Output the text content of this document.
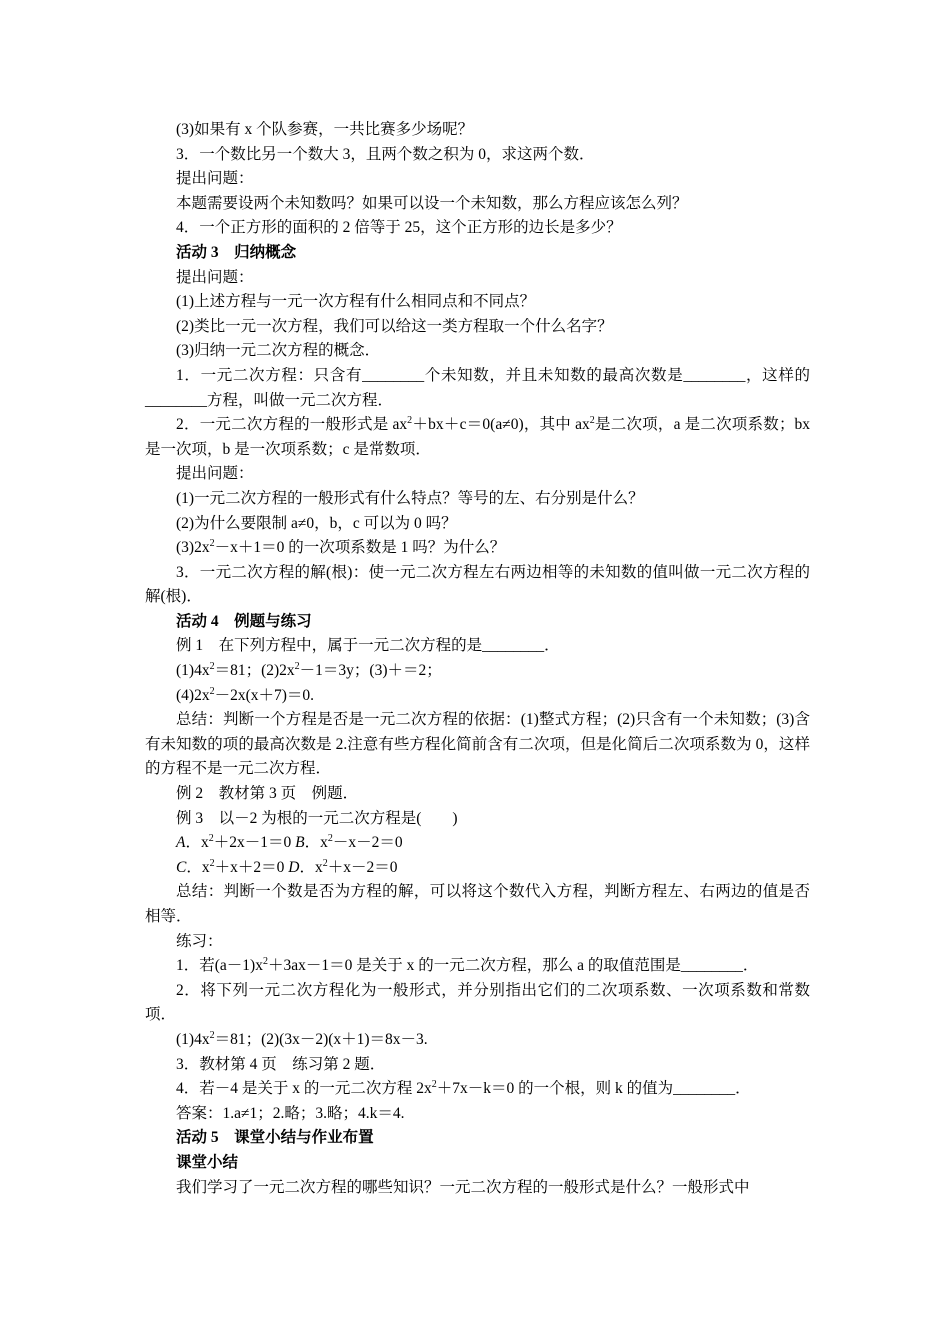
(3)如果有 x 个队参赛，一共比赛多少场呢？
3．一个数比另一个数大 3，且两个数之积为 0，求这两个数．
提出问题：
本题需要设两个未知数吗？如果可以设一个未知数，那么方程应该怎么列？
4．一个正方形的面积的 2 倍等于 25，这个正方形的边长是多少？
活动 3　归纳概念
提出问题：
(1)上述方程与一元一次方程有什么相同点和不同点？
(2)类比一元一次方程，我们可以给这一类方程取一个什么名字？
(3)归纳一元二次方程的概念．
1．一元二次方程：只含有________个未知数，并且未知数的最高次数是________，这样的________方程，叫做一元二次方程．
2．一元二次方程的一般形式是 $ax^2+bx+c=0(a\ne 0)$，其中 $ax^2$是二次项，a 是二次项系数；bx 是一次项，b 是一次项系数；c 是常数项．
提出问题：
(1)一元二次方程的一般形式有什么特点？等号的左、右分别是什么？
(2)为什么要限制 a≠0，b，c 可以为 0 吗？
$(3)2x^2-x+1=0$ 的一次项系数是 1 吗？为什么？
3．一元二次方程的解(根)：使一元二次方程左右两边相等的未知数的值叫做一元二次方程的解(根)．
活动 4　例题与练习
例 1　在下列方程中，属于一元二次方程的是________．
$(1)4x^2=81$；$(2)2x^2-1=3y$；(3)＋＝2；
$(4)2x^2-2x(x+7)=0$.
总结：判断一个方程是否是一元二次方程的依据：(1)整式方程；(2)只含有一个未知数；(3)含有未知数的项的最高次数是 2.注意有些方程化简前含有二次项，但是化简后二次项系数为 0，这样的方程不是一元二次方程．
例 2　教材第 3 页　例题．
例 3　以－2 为根的一元二次方程是(　　)
A．$x^2+2x-1=0$ B．$x^2-x-2=0$
C．$x^2+x+2=0$ D．$x^2+x-2=0$
总结：判断一个数是否为方程的解，可以将这个数代入方程，判断方程左、右两边的值是否相等．
练习：
1．若$(a-1)x^2+3ax-1=0$ 是关于 x 的一元二次方程，那么 a 的取值范围是________．
2．将下列一元二次方程化为一般形式，并分别指出它们的二次项系数、一次项系数和常数项．
$(1)4x^2=81$；(2)(3x－2)(x＋1)＝8x－3.
3．教材第 4 页　练习第 2 题．
4．若－4 是关于 x 的一元二次方程 $2x^2+7x-k=0$ 的一个根，则 k 的值为________．
答案：1.a≠1；2.略；3.略；4.k＝4.
活动 5　课堂小结与作业布置
课堂小结
我们学习了一元二次方程的哪些知识？一元二次方程的一般形式是什么？一般形式中
